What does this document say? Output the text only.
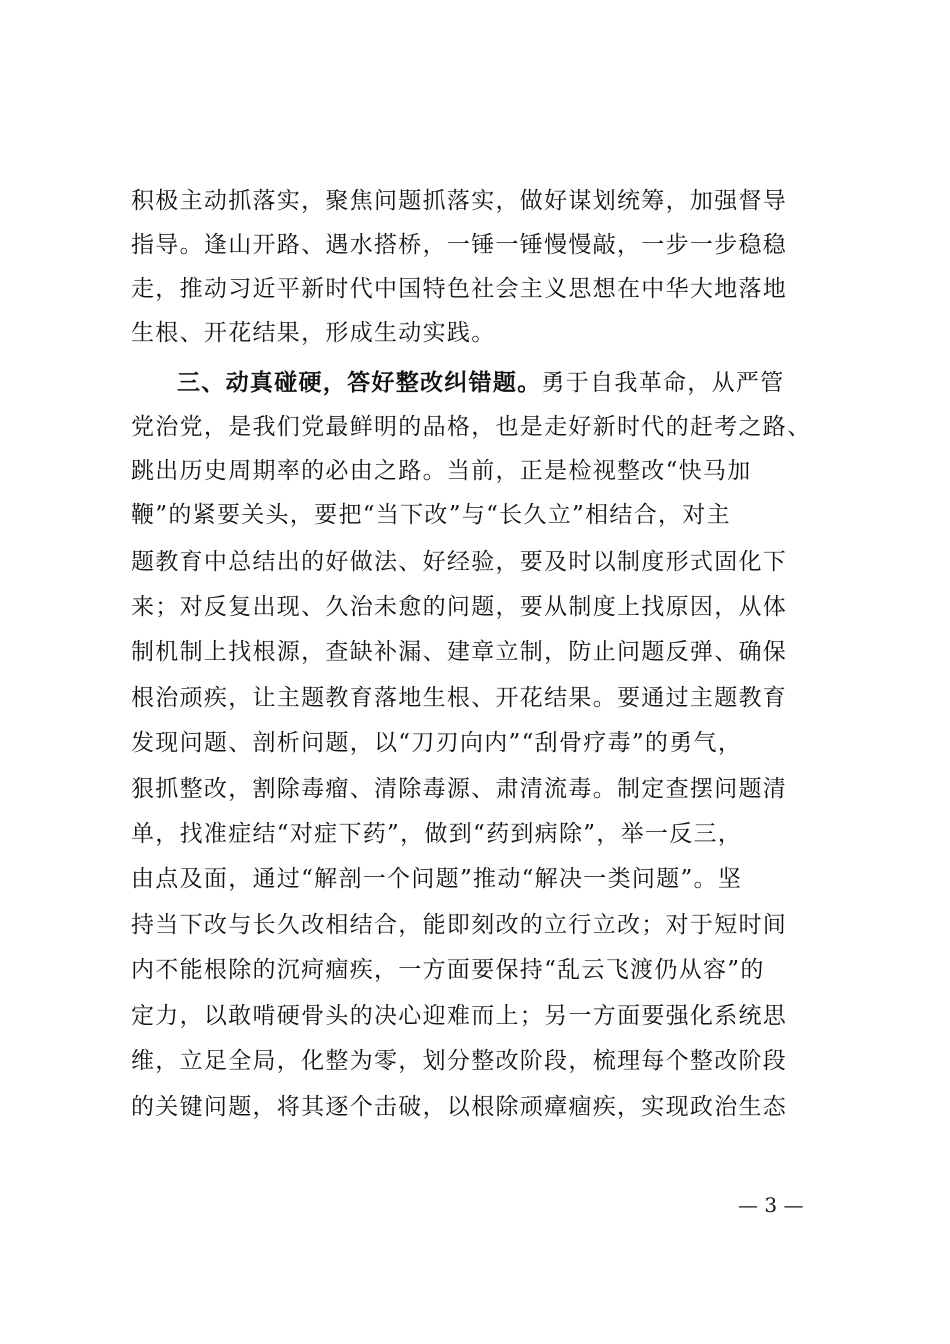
积极主动抓落实，聚焦问题抓落实，做好谋划统筹，加强督导
指导。逢山开路、遇水搭桥，一锤一锤慢慢敲，一步一步稳稳
走，推动习近平新时代中国特色社会主义思想在中华大地落地
生根、开花结果，形成生动实践。
三、动真碰硬，答好整改纠错题。勇于自我革命，从严管
党治党，是我们党最鲜明的品格，也是走好新时代的赶考之路、
跳出历史周期率的必由之路。当前，正是检视整改“快马加
鞭”的紧要关头，要把“当下改”与“长久立”相结合，对主
题教育中总结出的好做法、好经验，要及时以制度形式固化下
来；对反复出现、久治未愈的问题，要从制度上找原因，从体
制机制上找根源，查缺补漏、建章立制，防止问题反弹、确保
根治顽疾，让主题教育落地生根、开花结果。要通过主题教育
发现问题、剖析问题，以“刀刃向内”“刮骨疗毒”的勇气，
狠抓整改，割除毒瘤、清除毒源、肃清流毒。制定查摆问题清
单，找准症结“对症下药”，做到“药到病除”，举一反三，
由点及面，通过“解剖一个问题”推动“解决一类问题”。坚
持当下改与长久改相结合，能即刻改的立行立改；对于短时间
内不能根除的沉疴痼疾，一方面要保持“乱云飞渡仍从容”的
定力，以敢啃硬骨头的决心迎难而上；另一方面要强化系统思
维，立足全局，化整为零，划分整改阶段，梳理每个整改阶段
的关键问题，将其逐个击破，以根除顽瘴痼疾，实现政治生态
— 3 —
